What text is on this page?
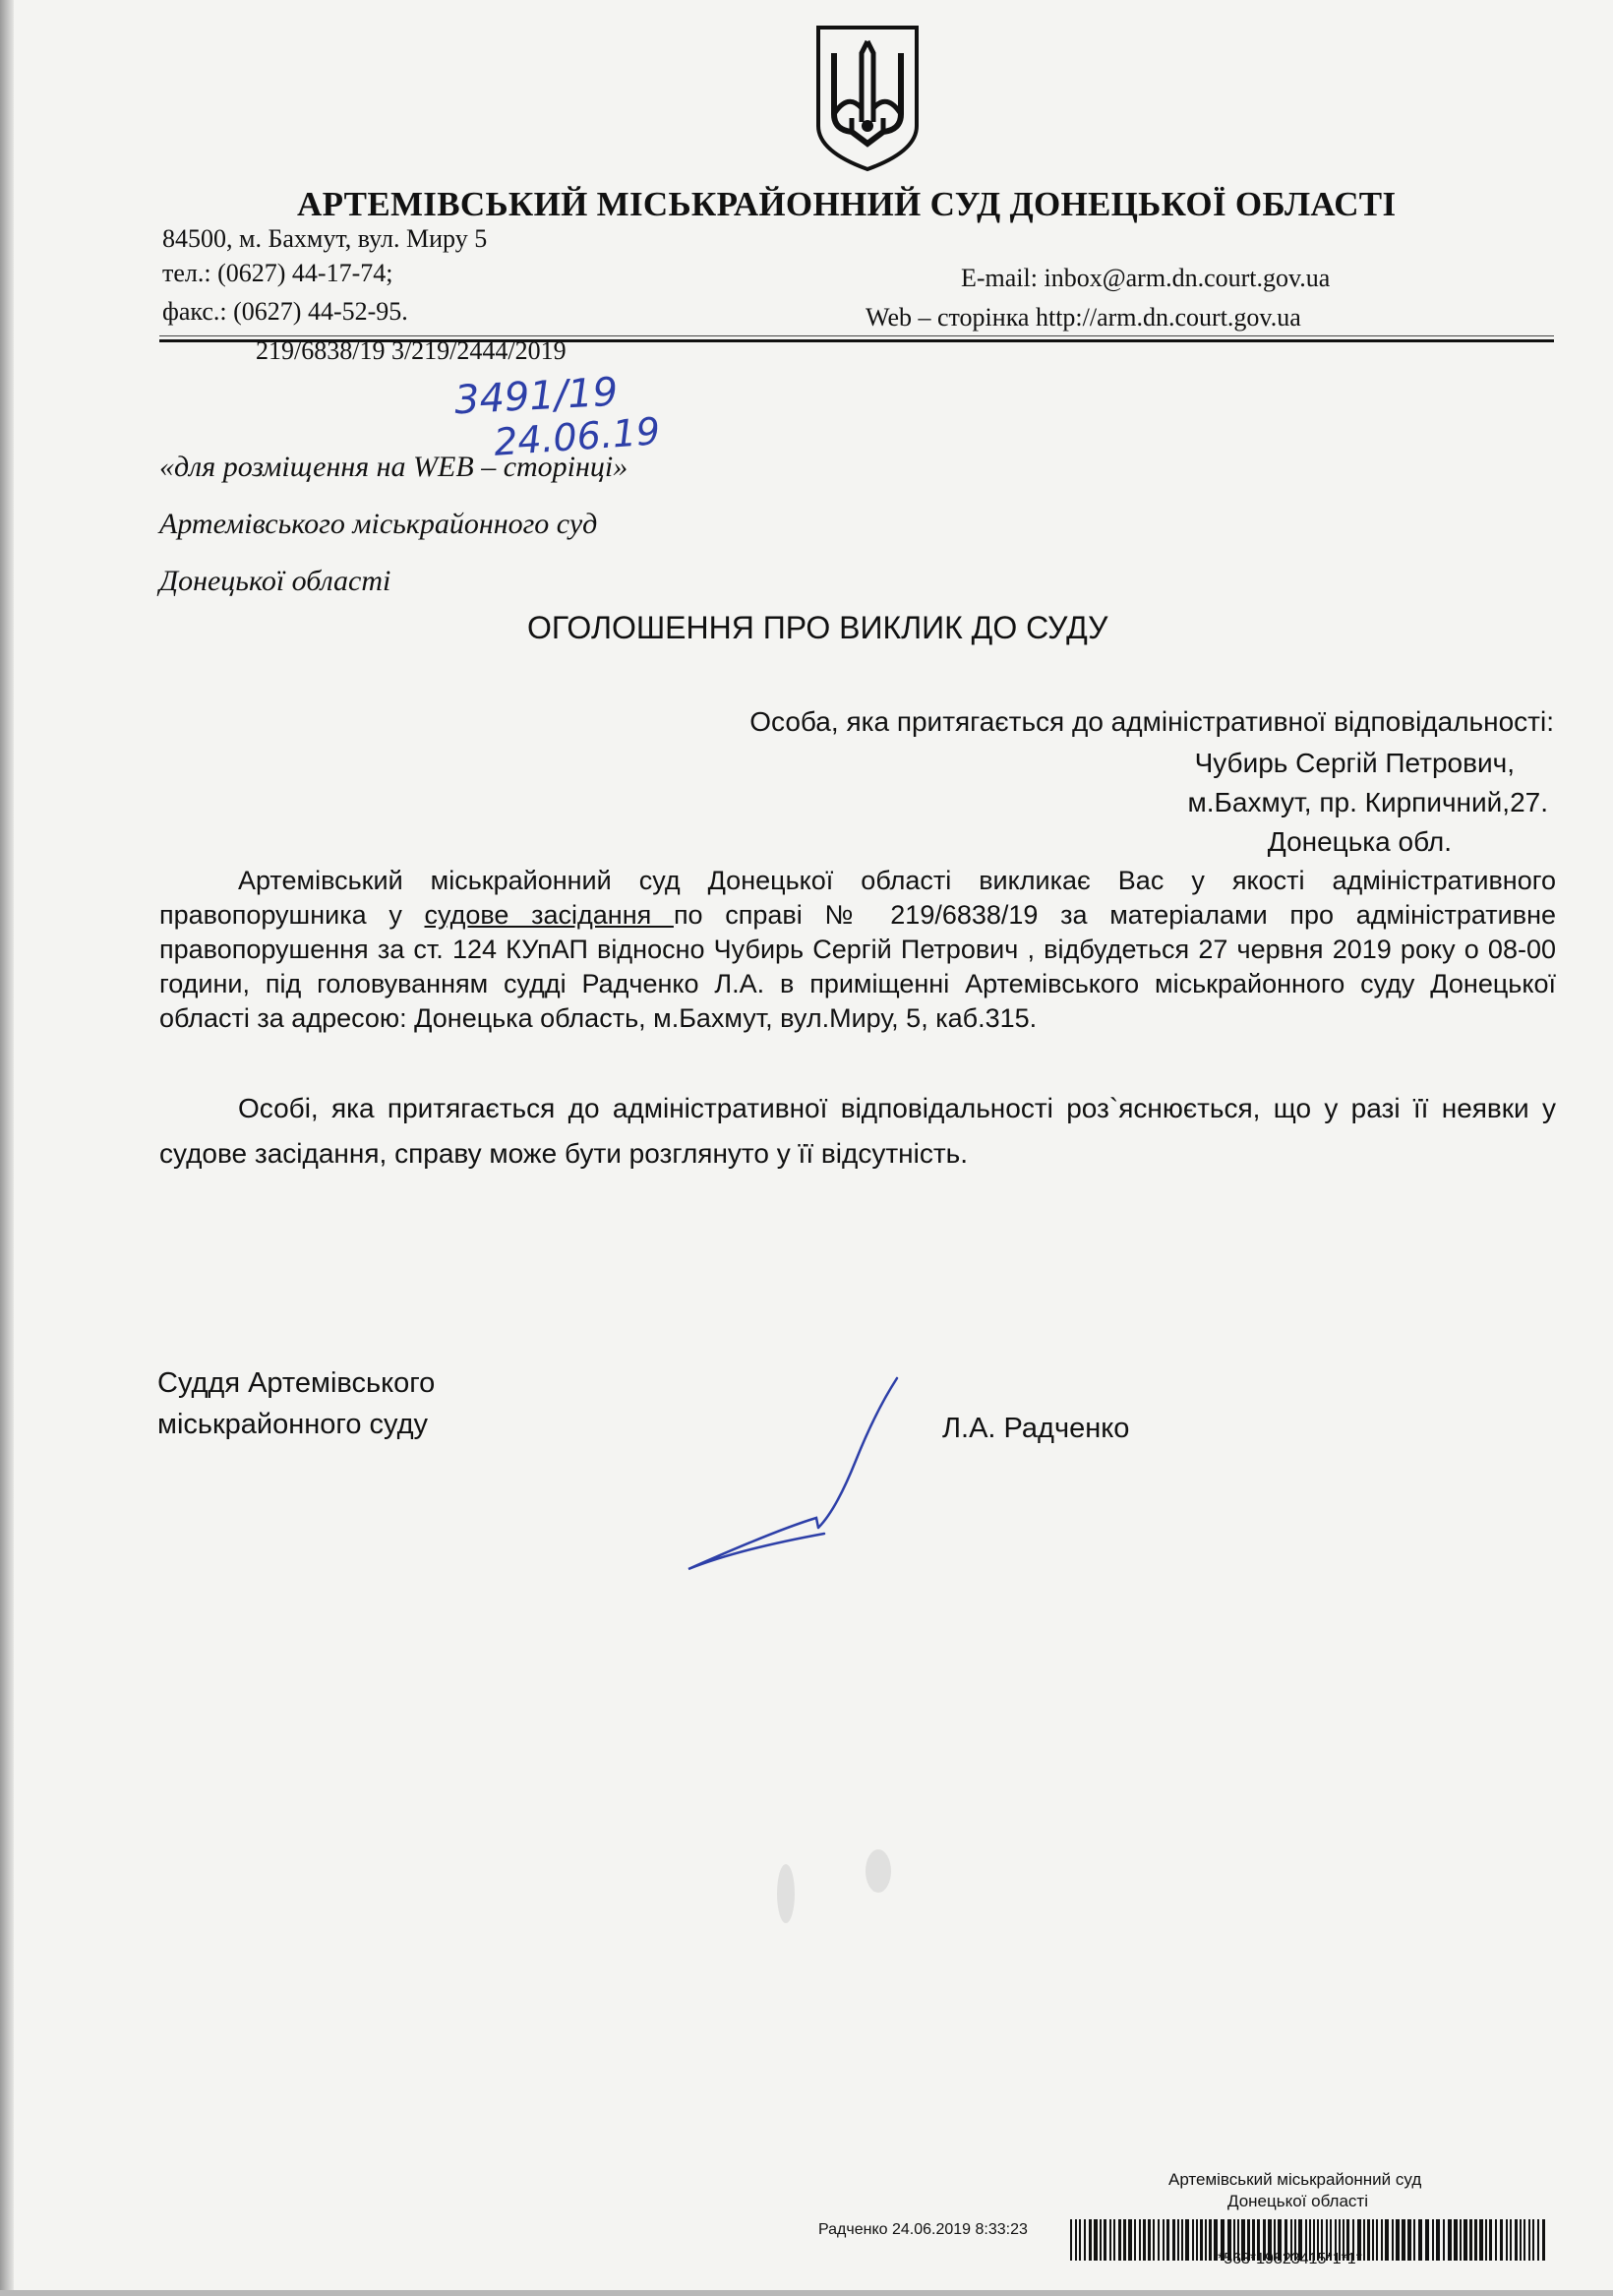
АРТЕМІВСЬКИЙ МІСЬКРАЙОННИЙ СУД ДОНЕЦЬКОЇ ОБЛАСТІ
84500, м. Бахмут, вул. Миру 5
тел.: (0627) 44-17-74;
факс.: (0627) 44-52-95.
E-mail: inbox@arm.dn.court.gov.ua
Web – сторінка http://arm.dn.court.gov.ua
219/6838/19 3/219/2444/2019
3491/19
24.06.19
«для розміщення на WEB – сторінці»
Артемівського міськрайонного суд
Донецької області
ОГОЛОШЕННЯ ПРО ВИКЛИК ДО СУДУ
Особа, яка притягається до адміністративної відповідальності:
Чубирь Сергій Петрович,
м.Бахмут, пр. Кирпичний,27.
Донецька обл.
Артемівський міськрайонний суд Донецької області викликає Вас у якості адміністративного правопорушника у судове засідання по справі № 219/6838/19 за матеріалами про адміністративне правопорушення за ст. 124 КУпАП відносно Чубирь Сергій Петрович , відбудеться 27 червня 2019 року о 08-00 години, під головуванням судді Радченко Л.А. в приміщенні Артемівського міськрайонного суду Донецької області за адресою: Донецька область, м.Бахмут, вул.Миру, 5, каб.315.
Особі, яка притягається до адміністративної відповідальності роз`яснюється, що у разі її неявки у судове засідання, справу може бути розглянуто у її відсутність.
Суддя Артемівського
міськрайонного суду	Л.А. Радченко
Артемівський міськрайонний суд
Донецької області
Радченко 24.06.2019 8:33:23
*563*19823415*1*1*
